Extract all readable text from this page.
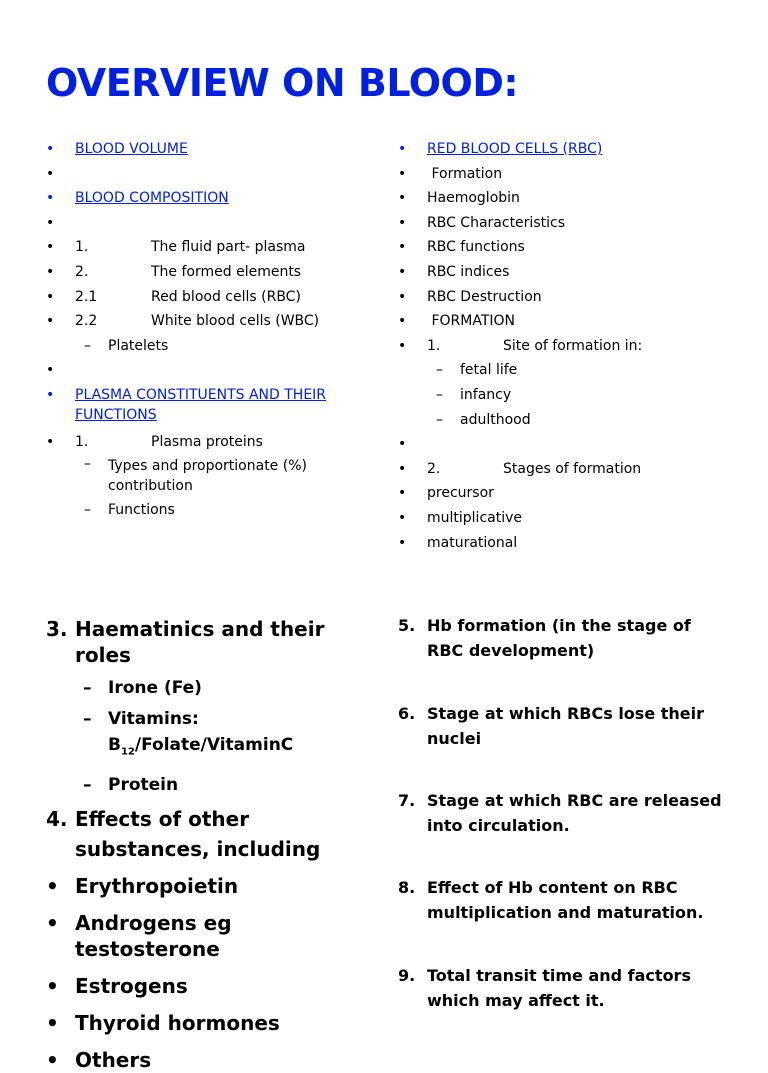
OVERVIEW ON BLOOD:
• BLOOD VOLUME
•
• BLOOD COMPOSITION
•
• 1.	The fluid part- plasma
• 2.	The formed elements
• 2.1	Red blood cells (RBC)
• 2.2	White blood cells (WBC)
– Platelets
•
• PLASMA CONSTITUENTS AND THEIR FUNCTIONS
• 1.	Plasma proteins
– Types and proportionate (%) contribution
– Functions
• RED BLOOD CELLS (RBC)
•  Formation
• Haemoglobin
• RBC Characteristics
• RBC functions
• RBC indices
• RBC Destruction
•  FORMATION
• 1.	Site of formation in:
– fetal life
– infancy
– adulthood
•
• 2.	Stages of formation
• precursor
• multiplicative
• maturational
3. Haematinics and their roles
– Irone (Fe)
– Vitamins:
$B_{12}/Folate$/VitaminC
– Protein
4. Effects of other substances, including
• Erythropoietin
• Androgens eg testosterone
• Estrogens
• Thyroid hormones
• Others
5. Hb formation (in the stage of RBC development)
6. Stage at which RBCs lose their nuclei
7. Stage at which RBC are released into circulation.
8. Effect of Hb content on RBC multiplication and maturation.
9. Total transit time and factors which may affect it.
